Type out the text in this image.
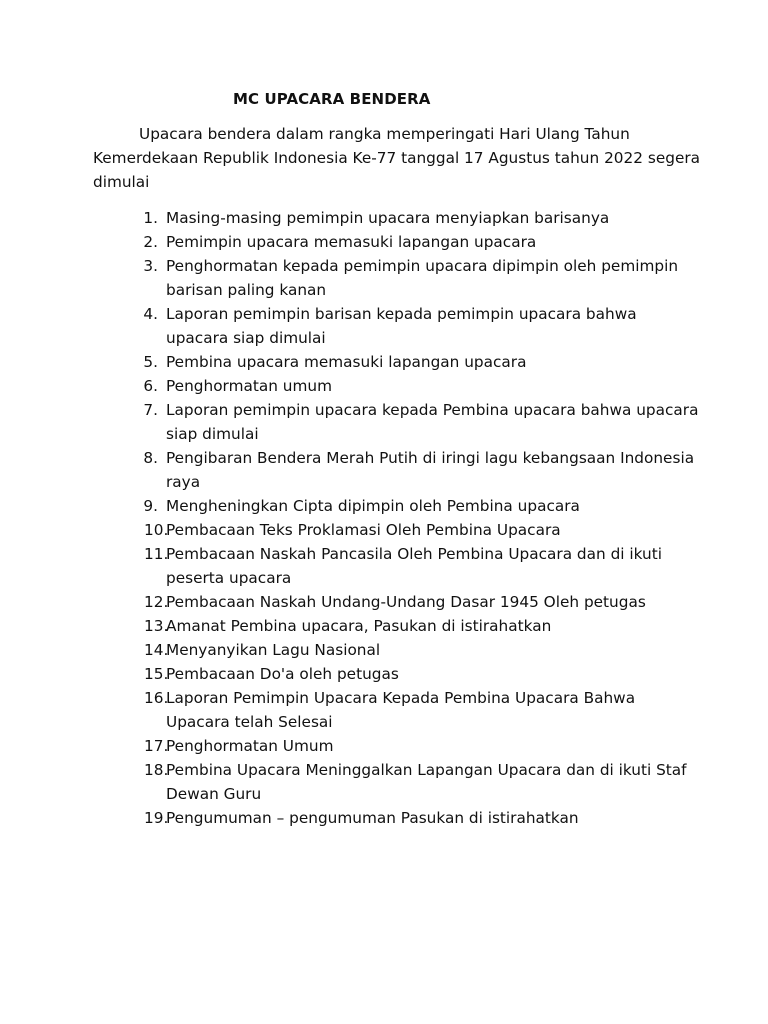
MC UPACARA BENDERA
Upacara bendera dalam rangka memperingati Hari Ulang Tahun
Kemerdekaan Republik Indonesia Ke-77 tanggal 17 Agustus tahun 2022 segera
dimulai
1. Masing-masing pemimpin upacara menyiapkan barisanya
2. Pemimpin upacara memasuki lapangan upacara
3. Penghormatan kepada pemimpin upacara dipimpin oleh pemimpin
barisan paling kanan
4. Laporan pemimpin barisan kepada pemimpin upacara bahwa
upacara siap dimulai
5. Pembina upacara memasuki lapangan upacara
6. Penghormatan umum
7. Laporan pemimpin upacara kepada Pembina upacara bahwa upacara
siap dimulai
8. Pengibaran Bendera Merah Putih di iringi lagu kebangsaan Indonesia
raya
9. Mengheningkan Cipta dipimpin oleh Pembina upacara
10.
Pembacaan Teks Proklamasi Oleh Pembina Upacara
11.
Pembacaan Naskah Pancasila Oleh Pembina Upacara dan di ikuti
peserta upacara
12.
Pembacaan Naskah Undang-Undang Dasar 1945 Oleh petugas
13.
Amanat Pembina upacara, Pasukan di istirahatkan
14.
Menyanyikan Lagu Nasional
15.
Pembacaan Do'a oleh petugas
16.
Laporan Pemimpin Upacara Kepada Pembina Upacara Bahwa
Upacara telah Selesai
17.
Penghormatan Umum
18.
Pembina Upacara Meninggalkan Lapangan Upacara dan di ikuti Staf
Dewan Guru
19.
Pengumuman – pengumuman Pasukan di istirahatkan
